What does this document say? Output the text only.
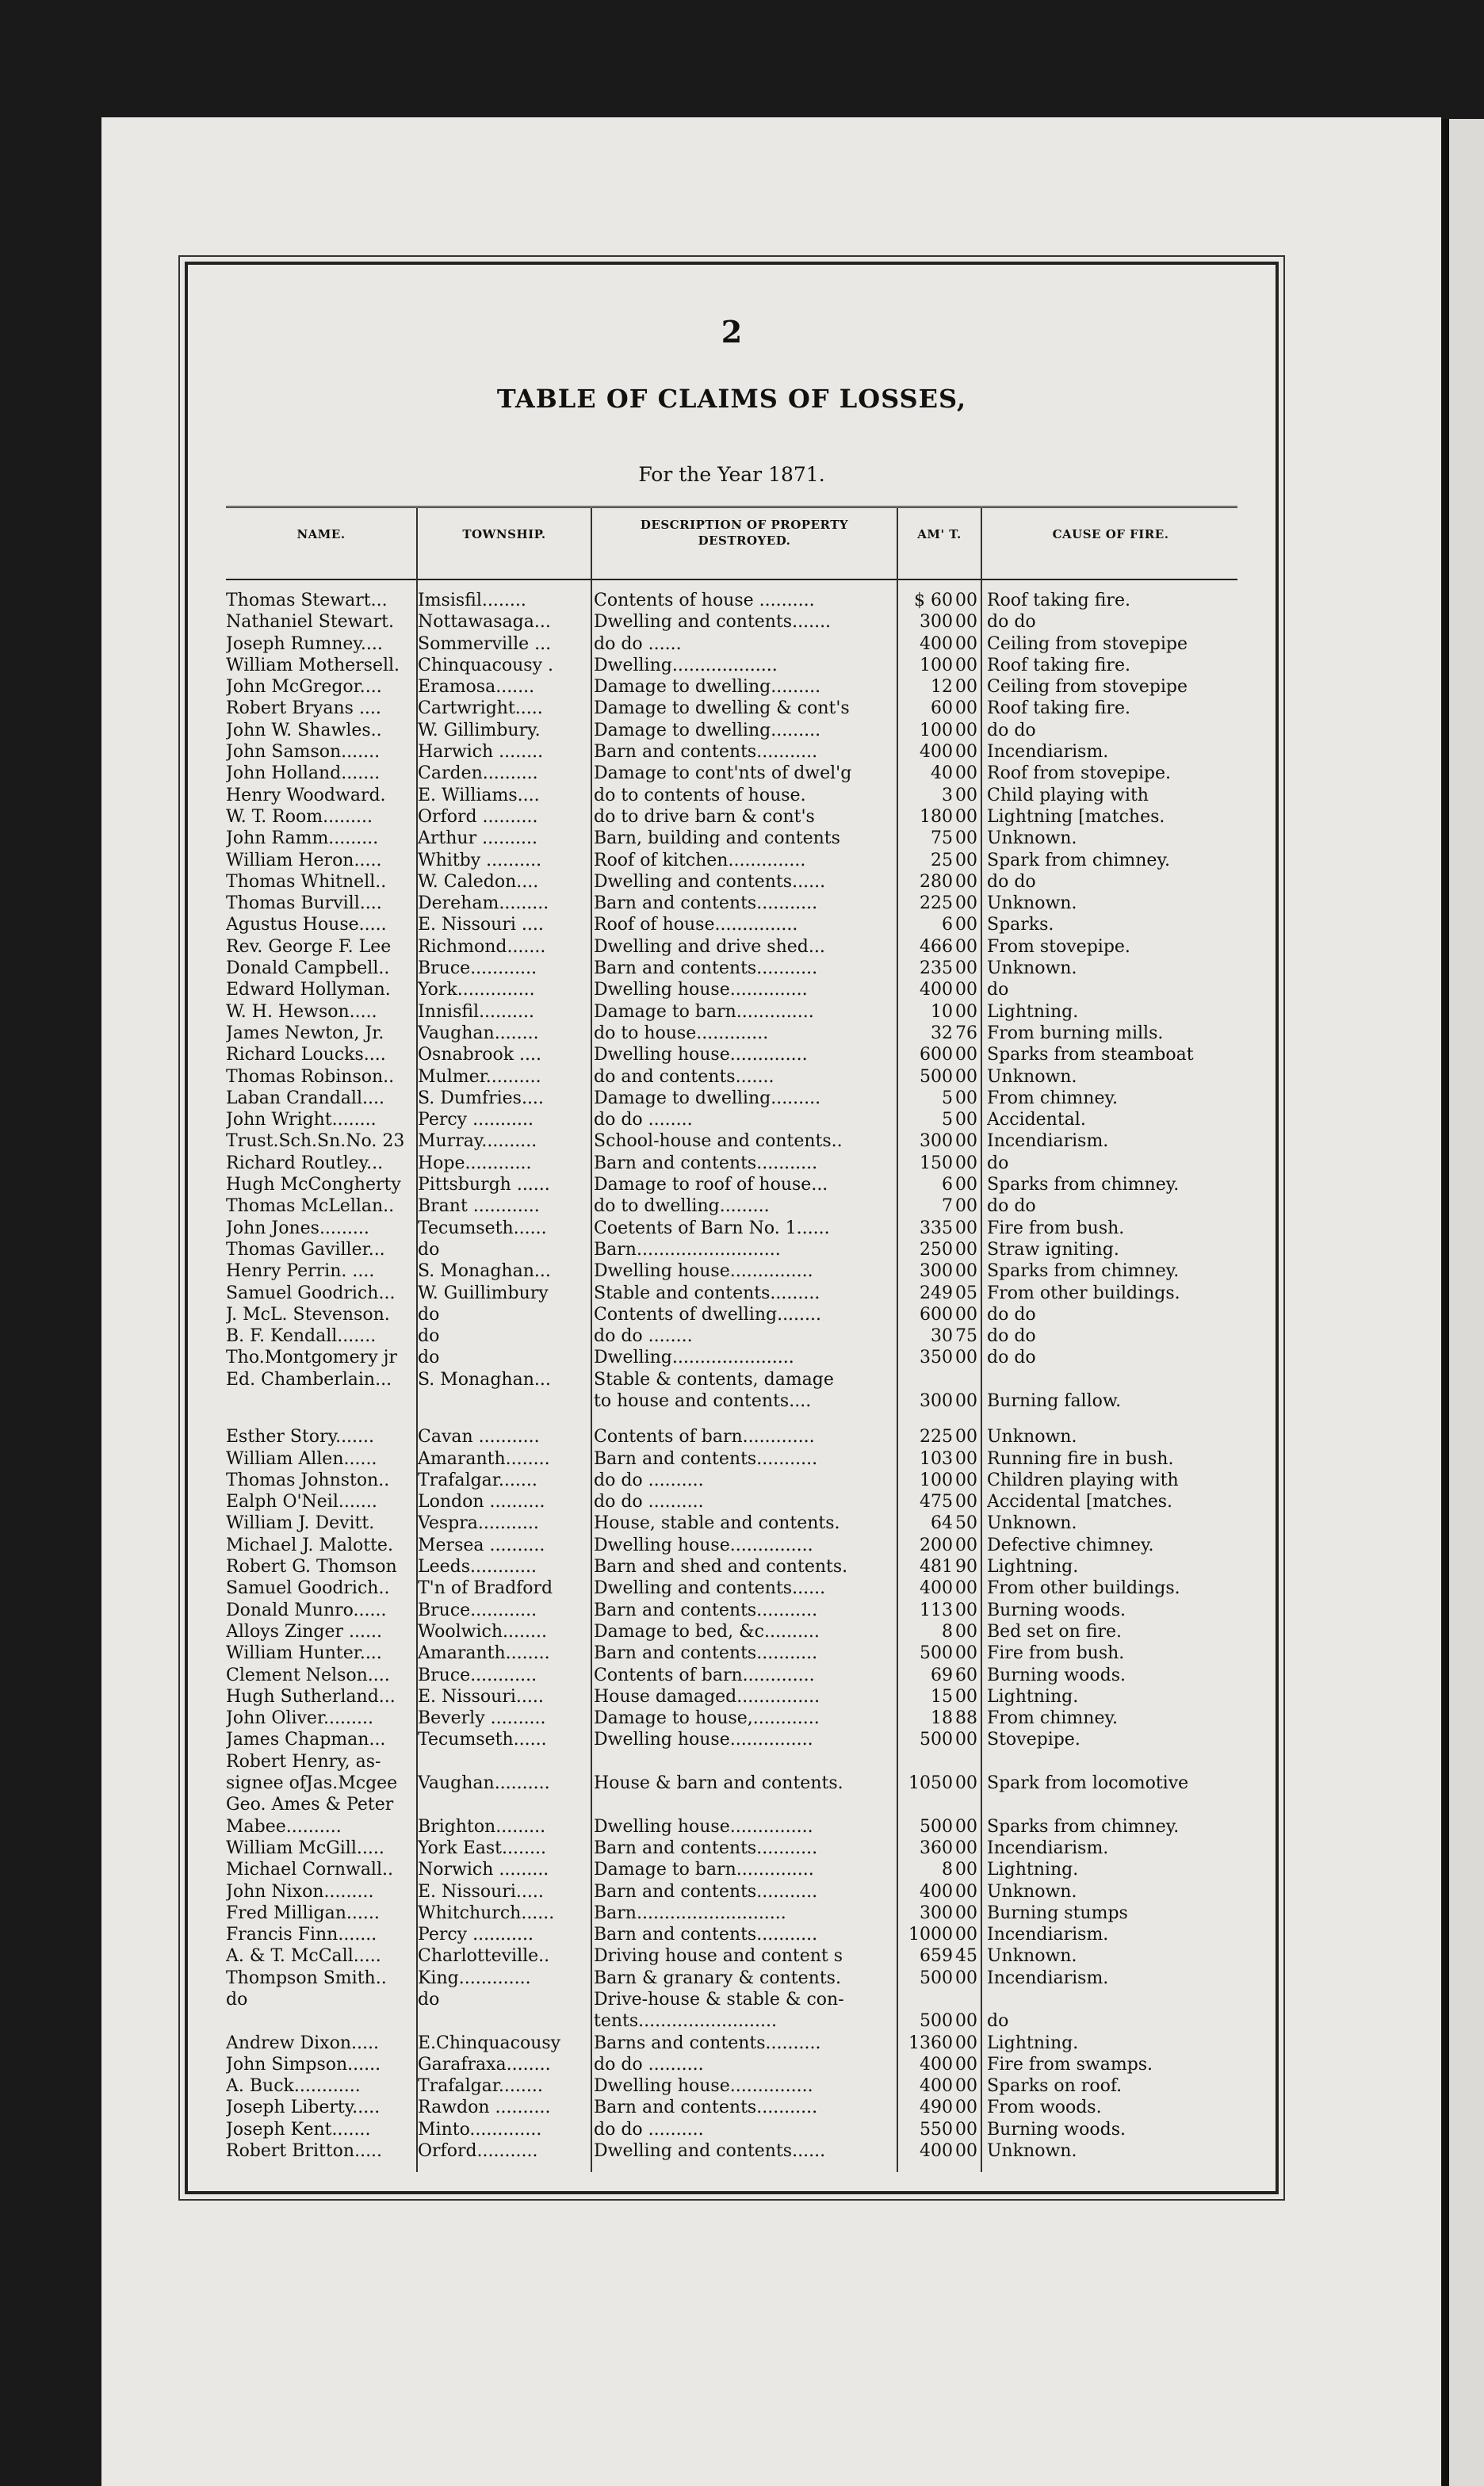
2
TABLE OF CLAIMS OF LOSSES,
For the Year 1871.
NAME.	TOWNSHIP.
DESCRIPTION OF PROPERTY DESTROYED.	AM' T.	CAUSE OF FIRE.
Thomas Stewart...	Imsisfil........	Contents of house ..........	$ 60 00 Roof taking fire.
Nathaniel Stewart.	Nottawasaga...	Dwelling and contents.......	300 00 do do
Joseph Rumney....	Sommerville ...	do do ......	400 00 Ceiling from stovepipe
William Mothersell.	Chinquacousy .	Dwelling...................	100 00 Roof taking fire.
John McGregor....	Eramosa.......	Damage to dwelling.........	12 00 Ceiling from stovepipe
Robert Bryans ....	Cartwright.....	Damage to dwelling & cont's	60 00 Roof taking fire.
John W. Shawles..	W. Gillimbury.	Damage to dwelling.........	100 00 do do
John Samson.......	Harwich ........	Barn and contents...........	400 00 Incendiarism.
John Holland.......	Carden..........	Damage to cont'nts of dwel'g	40 00 Roof from stovepipe.
Henry Woodward.	E. Williams....	do to contents of house.	3 00 Child playing with
W. T. Room.........	Orford ..........	do to drive barn & cont's	180 00 Lightning [matches.
John Ramm.........	Arthur ..........	Barn, building and contents	75 00 Unknown.
William Heron.....	Whitby ..........	Roof of kitchen..............	25 00 Spark from chimney.
Thomas Whitnell..	W. Caledon....	Dwelling and contents......	280 00 do do
Thomas Burvill....	Dereham.........	Barn and contents...........	225 00 Unknown.
Agustus House.....	E. Nissouri ....	Roof of house...............	6 00 Sparks.
Rev. George F. Lee	Richmond.......	Dwelling and drive shed...	466 00 From stovepipe.
Donald Campbell..	Bruce............	Barn and contents...........	235 00 Unknown.
Edward Hollyman.	York..............	Dwelling house..............	400 00 do
W. H. Hewson.....	Innisfil..........	Damage to barn..............	10 00 Lightning.
James Newton, Jr.	Vaughan........	do to house.............	32 76 From burning mills.
Richard Loucks....	Osnabrook ....	Dwelling house..............	600 00 Sparks from steamboat
Thomas Robinson..	Mulmer..........	do and contents.......	500 00 Unknown.
Laban Crandall....	S. Dumfries....	Damage to dwelling.........	5 00 From chimney.
John Wright........	Percy ...........	do do ........	5 00 Accidental.
Trust.Sch.Sn.No. 23 Murray..........	School-house and contents..	300 00 Incendiarism.
Richard Routley...	Hope............	Barn and contents...........	150 00 do
Hugh McCongherty Pittsburgh ......	Damage to roof of house...	6 00 Sparks from chimney.
Thomas McLellan..	Brant ............	do to dwelling.........	7 00 do do
John Jones.........	Tecumseth......	Coetents of Barn No. 1......	335 00 Fire from bush.
Thomas Gaviller...	do	Barn..........................	250 00 Straw igniting.
Henry Perrin. ....	S. Monaghan...	Dwelling house...............	300 00 Sparks from chimney.
Samuel Goodrich...	W. Guillimbury	Stable and contents.........	249 05 From other buildings.
J. McL. Stevenson.	do	Contents of dwelling........	600 00 do do
B. F. Kendall.......	do	do do ........	30 75 do do
Tho.Montgomery jr	do	Dwelling......................	350 00 do do
Ed. Chamberlain...	S. Monaghan...	Stable & contents, damage
to house and contents....	300 00 Burning fallow.
Esther Story.......	Cavan ...........	Contents of barn.............	225 00 Unknown.
William Allen......	Amaranth........	Barn and contents...........	103 00 Running fire in bush.
Thomas Johnston..	Trafalgar.......	do do ..........	100 00 Children playing with
Ealph O'Neil.......	London ..........	do do ..........	475 00 Accidental [matches.
William J. Devitt.	Vespra...........	House, stable and contents.	64 50 Unknown.
Michael J. Malotte.	Mersea ..........	Dwelling house...............	200 00 Defective chimney.
Robert G. Thomson	Leeds............	Barn and shed and contents.	481 90 Lightning.
Samuel Goodrich..	T'n of Bradford	Dwelling and contents......	400 00 From other buildings.
Donald Munro......	Bruce............	Barn and contents...........	113 00 Burning woods.
Alloys Zinger ......	Woolwich........	Damage to bed, &c..........	8 00 Bed set on fire.
William Hunter....	Amaranth........	Barn and contents...........	500 00 Fire from bush.
Clement Nelson....	Bruce............	Contents of barn.............	69 60 Burning woods.
Hugh Sutherland...	E. Nissouri.....	House damaged...............	15 00 Lightning.
John Oliver.........	Beverly ..........	Damage to house,............	18 88 From chimney.
James Chapman...	Tecumseth......	Dwelling house...............	500 00 Stovepipe.
Robert Henry, as-
signee ofJas.Mcgee	Vaughan..........	House & barn and contents.	1050 00 Spark from locomotive
Geo. Ames & Peter
Mabee..........	Brighton.........	Dwelling house...............	500 00 Sparks from chimney.
William McGill.....	York East........	Barn and contents...........	360 00 Incendiarism.
Michael Cornwall..	Norwich .........	Damage to barn..............	8 00 Lightning.
John Nixon.........	E. Nissouri.....	Barn and contents...........	400 00 Unknown.
Fred Milligan......	Whitchurch......	Barn...........................	300 00 Burning stumps
Francis Finn.......	Percy ...........	Barn and contents...........	1000 00 Incendiarism.
A. & T. McCall.....	Charlotteville..	Driving house and content s	659 45 Unknown.
Thompson Smith..	King.............	Barn & granary & contents.	500 00 Incendiarism.
do	do	Drive-house & stable & con-
tents.........................	500 00 do
Andrew Dixon.....	E.Chinquacousy	Barns and contents..........	1360 00 Lightning.
John Simpson......	Garafraxa........	do do ..........	400 00 Fire from swamps.
A. Buck............	Trafalgar........	Dwelling house...............	400 00 Sparks on roof.
Joseph Liberty.....	Rawdon ..........	Barn and contents...........	490 00 From woods.
Joseph Kent.......	Minto.............	do do ..........	550 00 Burning woods.
Robert Britton.....	Orford...........	Dwelling and contents......	400 00 Unknown.
